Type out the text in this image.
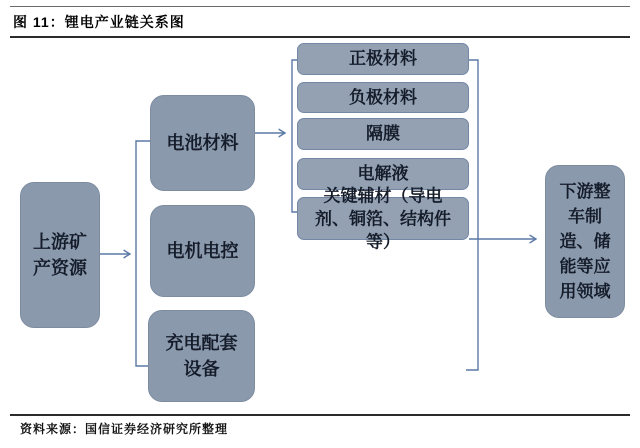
图 11：锂电产业链关系图
上游矿产资源
电池材料
电机电控
充电配套设备
正极材料
负极材料
隔膜
电解液
关键辅材（导电剂、铜箔、结构件等）
下游整车制造、储能等应用领域
资料来源：国信证券经济研究所整理
